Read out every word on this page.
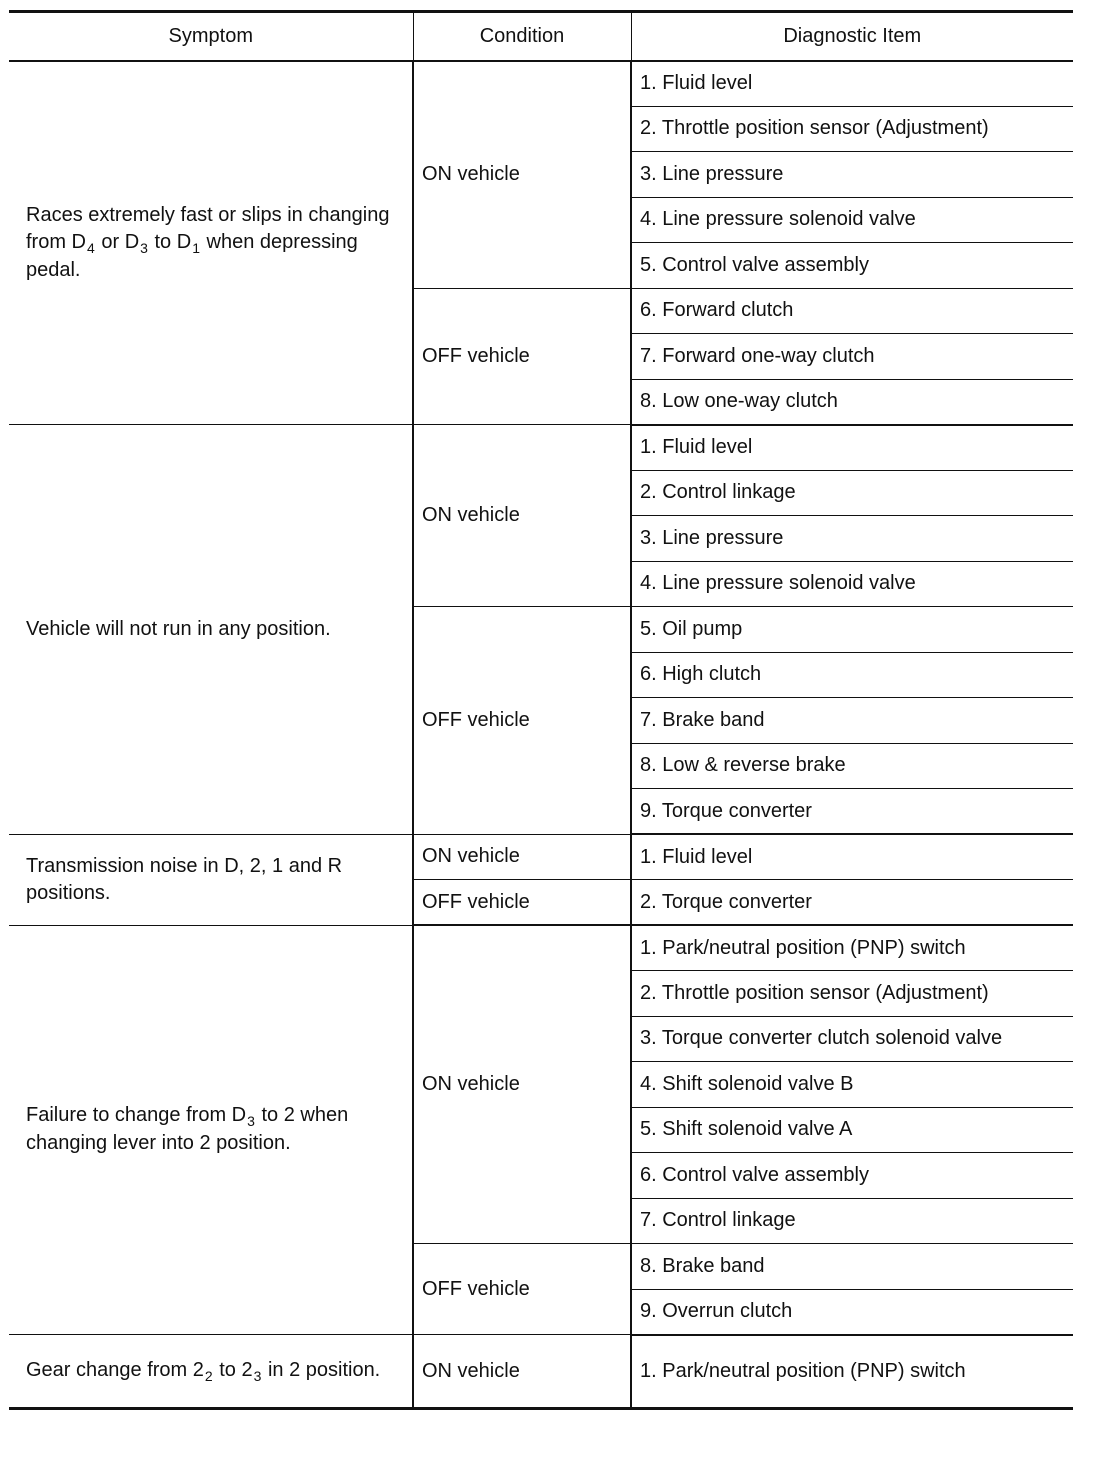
Symptom	Condition	Diagnostic Item
Races extremely fast or slips in changing from $D_4$ or $D_3$ to $D_1$ when depressing pedal.	ON vehicle	1. Fluid level
		2. Throttle position sensor (Adjustment)
		3. Line pressure
		4. Line pressure solenoid valve
		5. Control valve assembly
	OFF vehicle	6. Forward clutch
		7. Forward one-way clutch
		8. Low one-way clutch
Vehicle will not run in any position.	ON vehicle	1. Fluid level
		2. Control linkage
		3. Line pressure
		4. Line pressure solenoid valve
	OFF vehicle	5. Oil pump
		6. High clutch
		7. Brake band
		8. Low & reverse brake
		9. Torque converter
Transmission noise in D, 2, 1 and R positions.	ON vehicle	1. Fluid level
	OFF vehicle	2. Torque converter
Failure to change from $D_3$ to 2 when changing lever into 2 position.	ON vehicle	1. Park/neutral position (PNP) switch
		2. Throttle position sensor (Adjustment)
		3. Torque converter clutch solenoid valve
		4. Shift solenoid valve B
		5. Shift solenoid valve A
		6. Control valve assembly
		7. Control linkage
	OFF vehicle	8. Brake band
		9. Overrun clutch
Gear change from $2_2$ to $2_3$ in 2 position.	ON vehicle	1. Park/neutral position (PNP) switch
